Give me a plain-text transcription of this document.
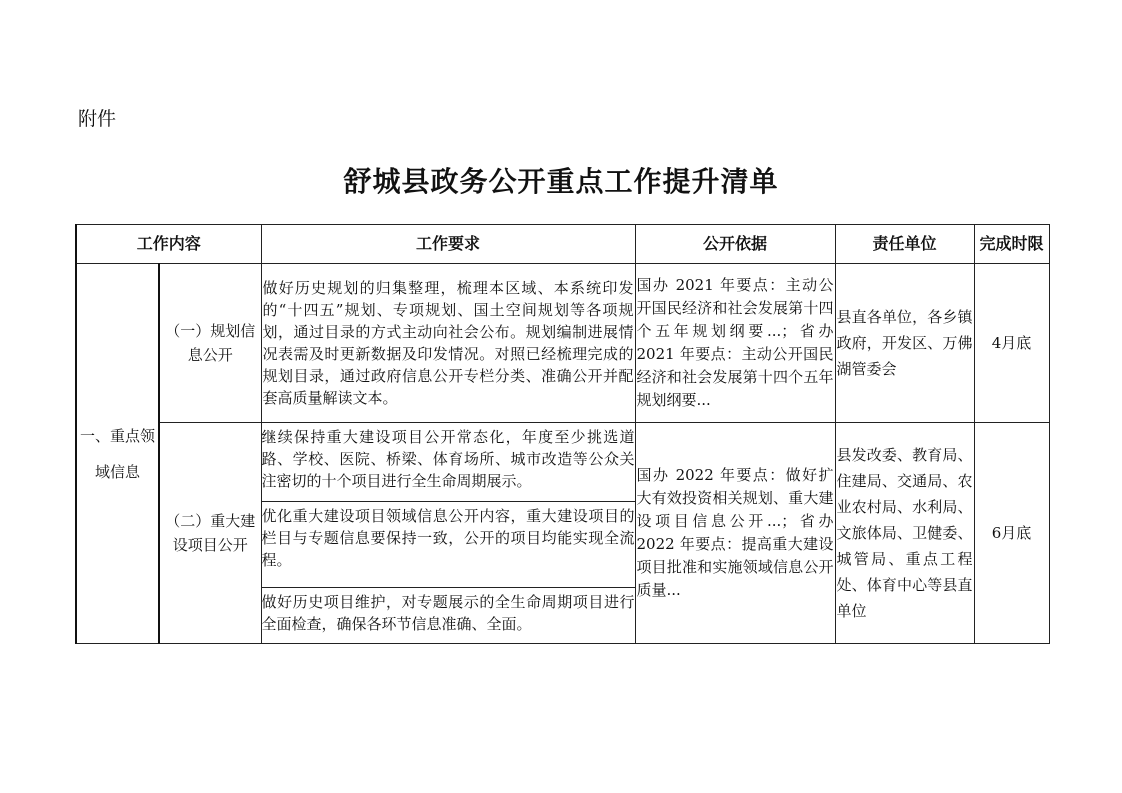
附件
舒城县政务公开重点工作提升清单
工作内容		工作要求	公开依据	责任单位	完成时限
一、重点领域信息	（一）规划信息公开	做好历史规划的归集整理，梳理本区域、本系统印发的“十四五”规划、专项规划、国土空间规划等各项规划，通过目录的方式主动向社会公布。规划编制进展情况表需及时更新数据及印发情况。对照已经梳理完成的规划目录，通过政府信息公开专栏分类、准确公开并配套高质量解读文本。	国办 2021 年要点：主动公开国民经济和社会发展第十四个五年规划纲要...；省办 2021 年要点：主动公开国民经济和社会发展第十四个五年规划纲要...	县直各单位，各乡镇政府，开发区、万佛湖管委会	4月底
	（二）重大建设项目公开	继续保持重大建设项目公开常态化，年度至少挑选道路、学校、医院、桥梁、体育场所、城市改造等公众关注密切的十个项目进行全生命周期展示。
优化重大建设项目领域信息公开内容，重大建设项目的栏目与专题信息要保持一致，公开的项目均能实现全流程。
做好历史项目维护，对专题展示的全生命周期项目进行全面检查，确保各环节信息准确、全面。	国办 2022 年要点：做好扩大有效投资相关规划、重大建设项目信息公开...；省办 2022 年要点：提高重大建设项目批准和实施领域信息公开质量...	县发改委、教育局、住建局、交通局、农业农村局、水利局、文旅体局、卫健委、城管局、重点工程处、体育中心等县直单位	6月底
